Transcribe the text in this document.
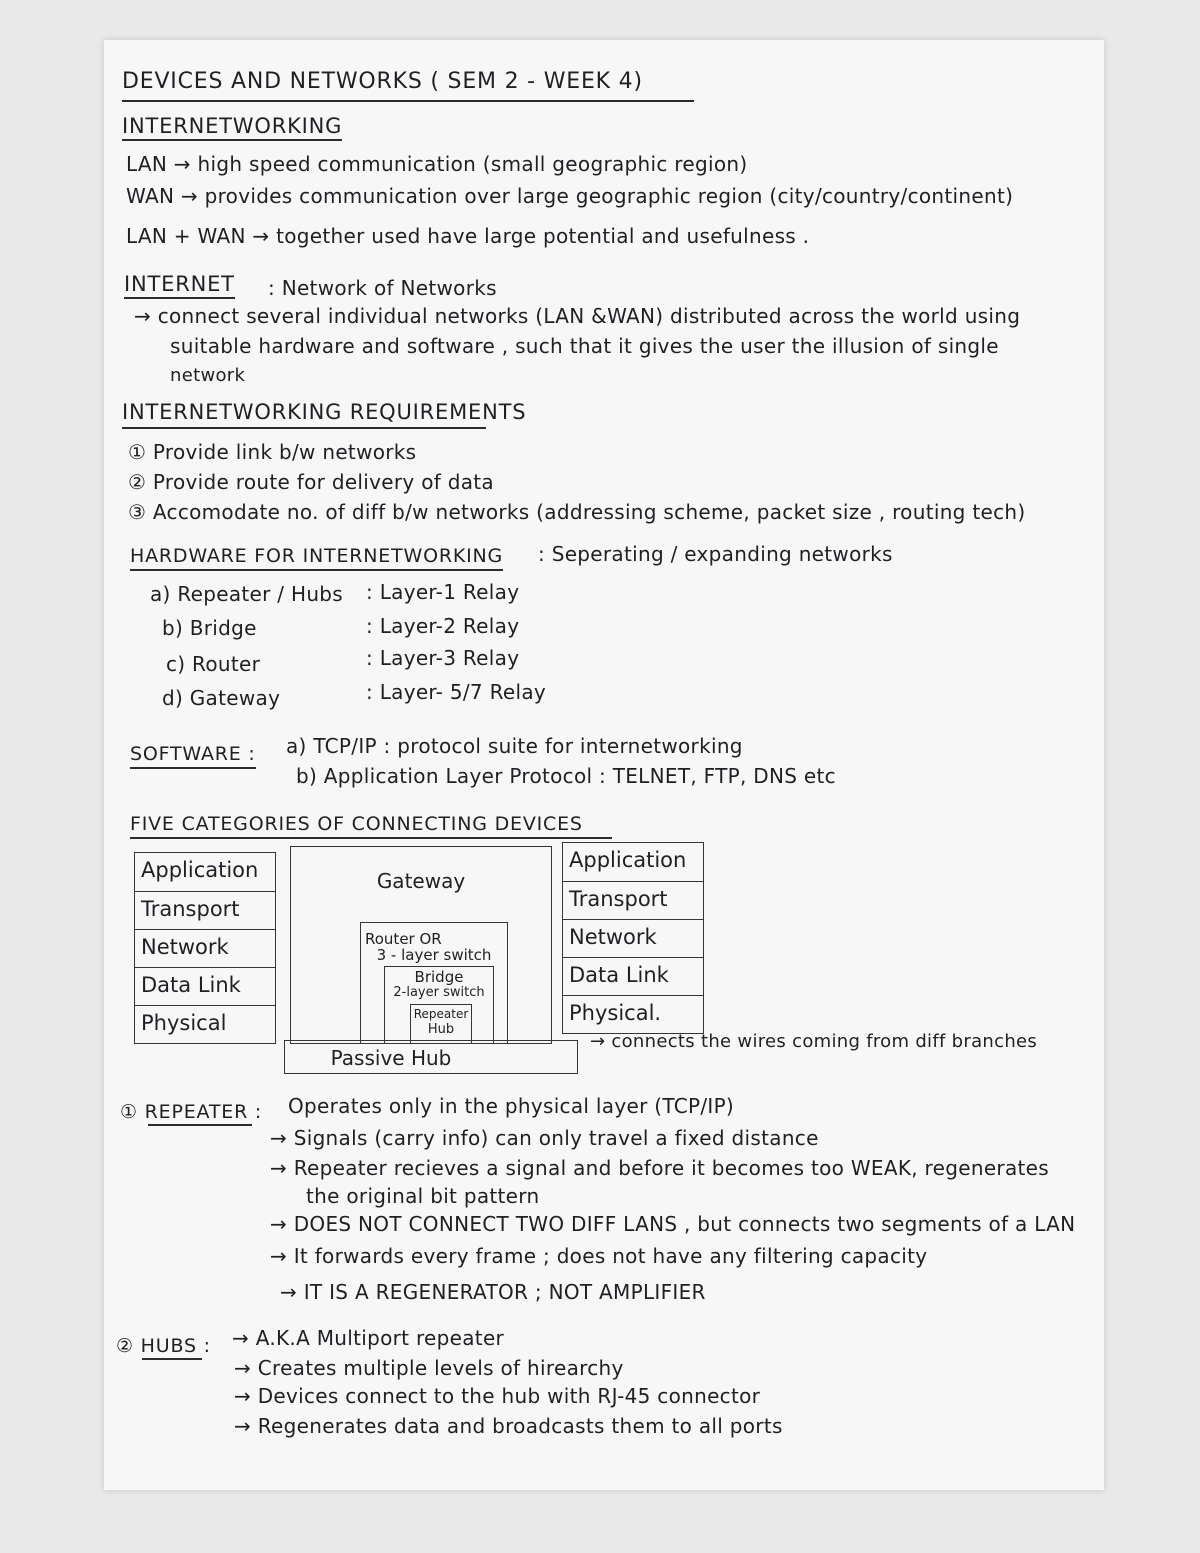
DEVICES AND NETWORKS ( SEM 2 - WEEK 4)
INTERNETWORKING
LAN → high speed communication (small geographic region)
WAN → provides communication over large geographic region (city/country/continent)
LAN + WAN → together used have large potential and usefulness .
INTERNET : Network of Networks
→ connect several individual networks (LAN &WAN) distributed across the world using
suitable hardware and software , such that it gives the user the illusion of single
network
INTERNETWORKING REQUIREMENTS
① Provide link b/w networks
② Provide route for delivery of data
③ Accomodate no. of diff b/w networks (addressing scheme, packet size , routing tech)
HARDWARE FOR INTERNETWORKING : Seperating / expanding networks
a) Repeater / Hubs : Layer-1 Relay
b) Bridge	: Layer-2 Relay
c) Router	: Layer-3 Relay
d) Gateway	: Layer- 5/7 Relay
SOFTWARE : a) TCP/IP : protocol suite for internetworking
b) Application Layer Protocol : TELNET, FTP, DNS etc
FIVE CATEGORIES OF CONNECTING DEVICES
Application
Transport
Network
Data Link
Physical
Gateway
Router OR
3 - layer switch
Bridge
2-layer switch
Repeater
Hub
Passive Hub
Application
Transport
Network
Data Link
Physical.
→ connects the wires coming from diff branches
① REPEATER : Operates only in the physical layer (TCP/IP)
→ Signals (carry info) can only travel a fixed distance
→ Repeater recieves a signal and before it becomes too WEAK, regenerates
the original bit pattern
→ DOES NOT CONNECT TWO DIFF LANS , but connects two segments of a LAN
→ It forwards every frame ; does not have any filtering capacity
→ IT IS A REGENERATOR ; NOT AMPLIFIER
② HUBS : → A.K.A Multiport repeater
→ Creates multiple levels of hirearchy
→ Devices connect to the hub with RJ-45 connector
→ Regenerates data and broadcasts them to all ports
